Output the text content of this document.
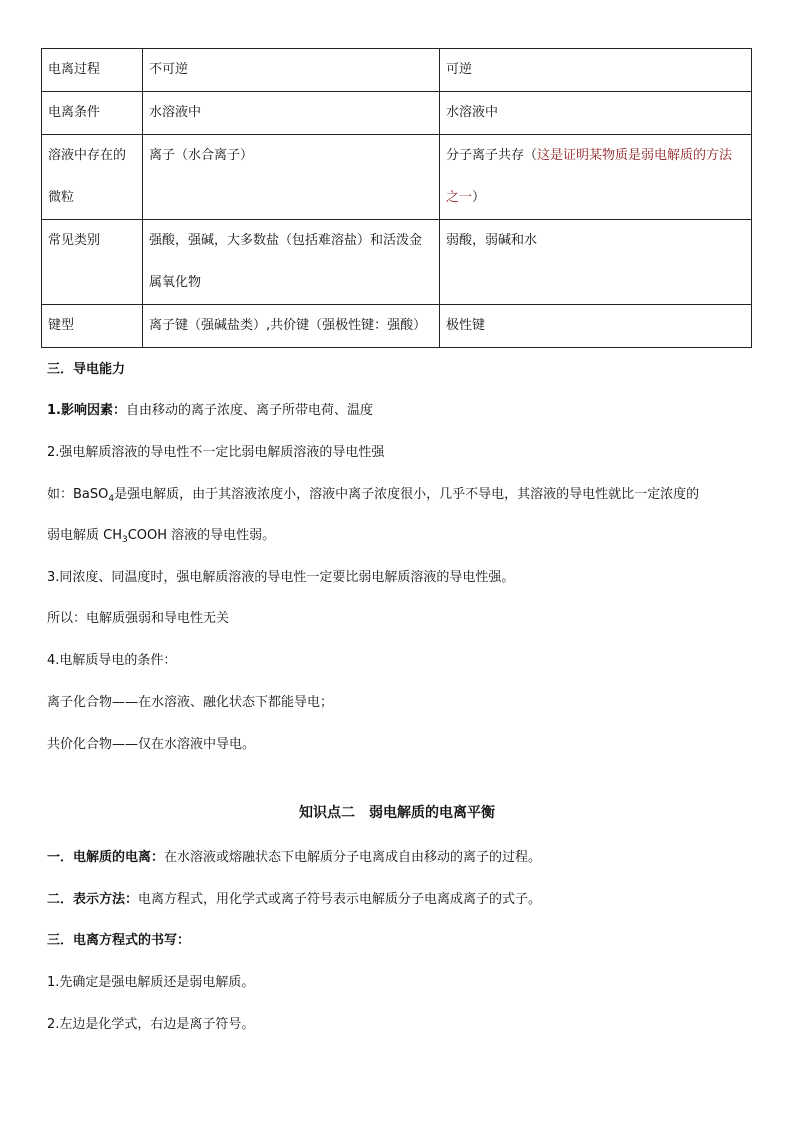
电离过程	不可逆	可逆
电离条件	水溶液中	水溶液中
溶液中存在的微粒	离子（水合离子）	分子离子共存（这是证明某物质是弱电解质的方法之一）
常见类别	强酸，强碱，大多数盐（包括难溶盐）和活泼金属氧化物	弱酸，弱碱和水
键型	离子键（强碱盐类）,共价键（强极性键：强酸）	极性键
三．导电能力
1.影响因素：自由移动的离子浓度、离子所带电荷、温度
2.强电解质溶液的导电性不一定比弱电解质溶液的导电性强
如：BaSO$_4$是强电解质，由于其溶液浓度小，溶液中离子浓度很小，几乎不导电，其溶液的导电性就比一定浓度的
弱电解质 $CH_3COOH$ 溶液的导电性弱。
3.同浓度、同温度时，强电解质溶液的导电性一定要比弱电解质溶液的导电性强。
所以：电解质强弱和导电性无关
4.电解质导电的条件：
离子化合物——在水溶液、融化状态下都能导电；
共价化合物——仅在水溶液中导电。
知识点二　弱电解质的电离平衡
一．电解质的电离：在水溶液或熔融状态下电解质分子电离成自由移动的离子的过程。
二．表示方法：电离方程式，用化学式或离子符号表示电解质分子电离成离子的式子。
三．电离方程式的书写：
1.先确定是强电解质还是弱电解质。
2.左边是化学式，右边是离子符号。
